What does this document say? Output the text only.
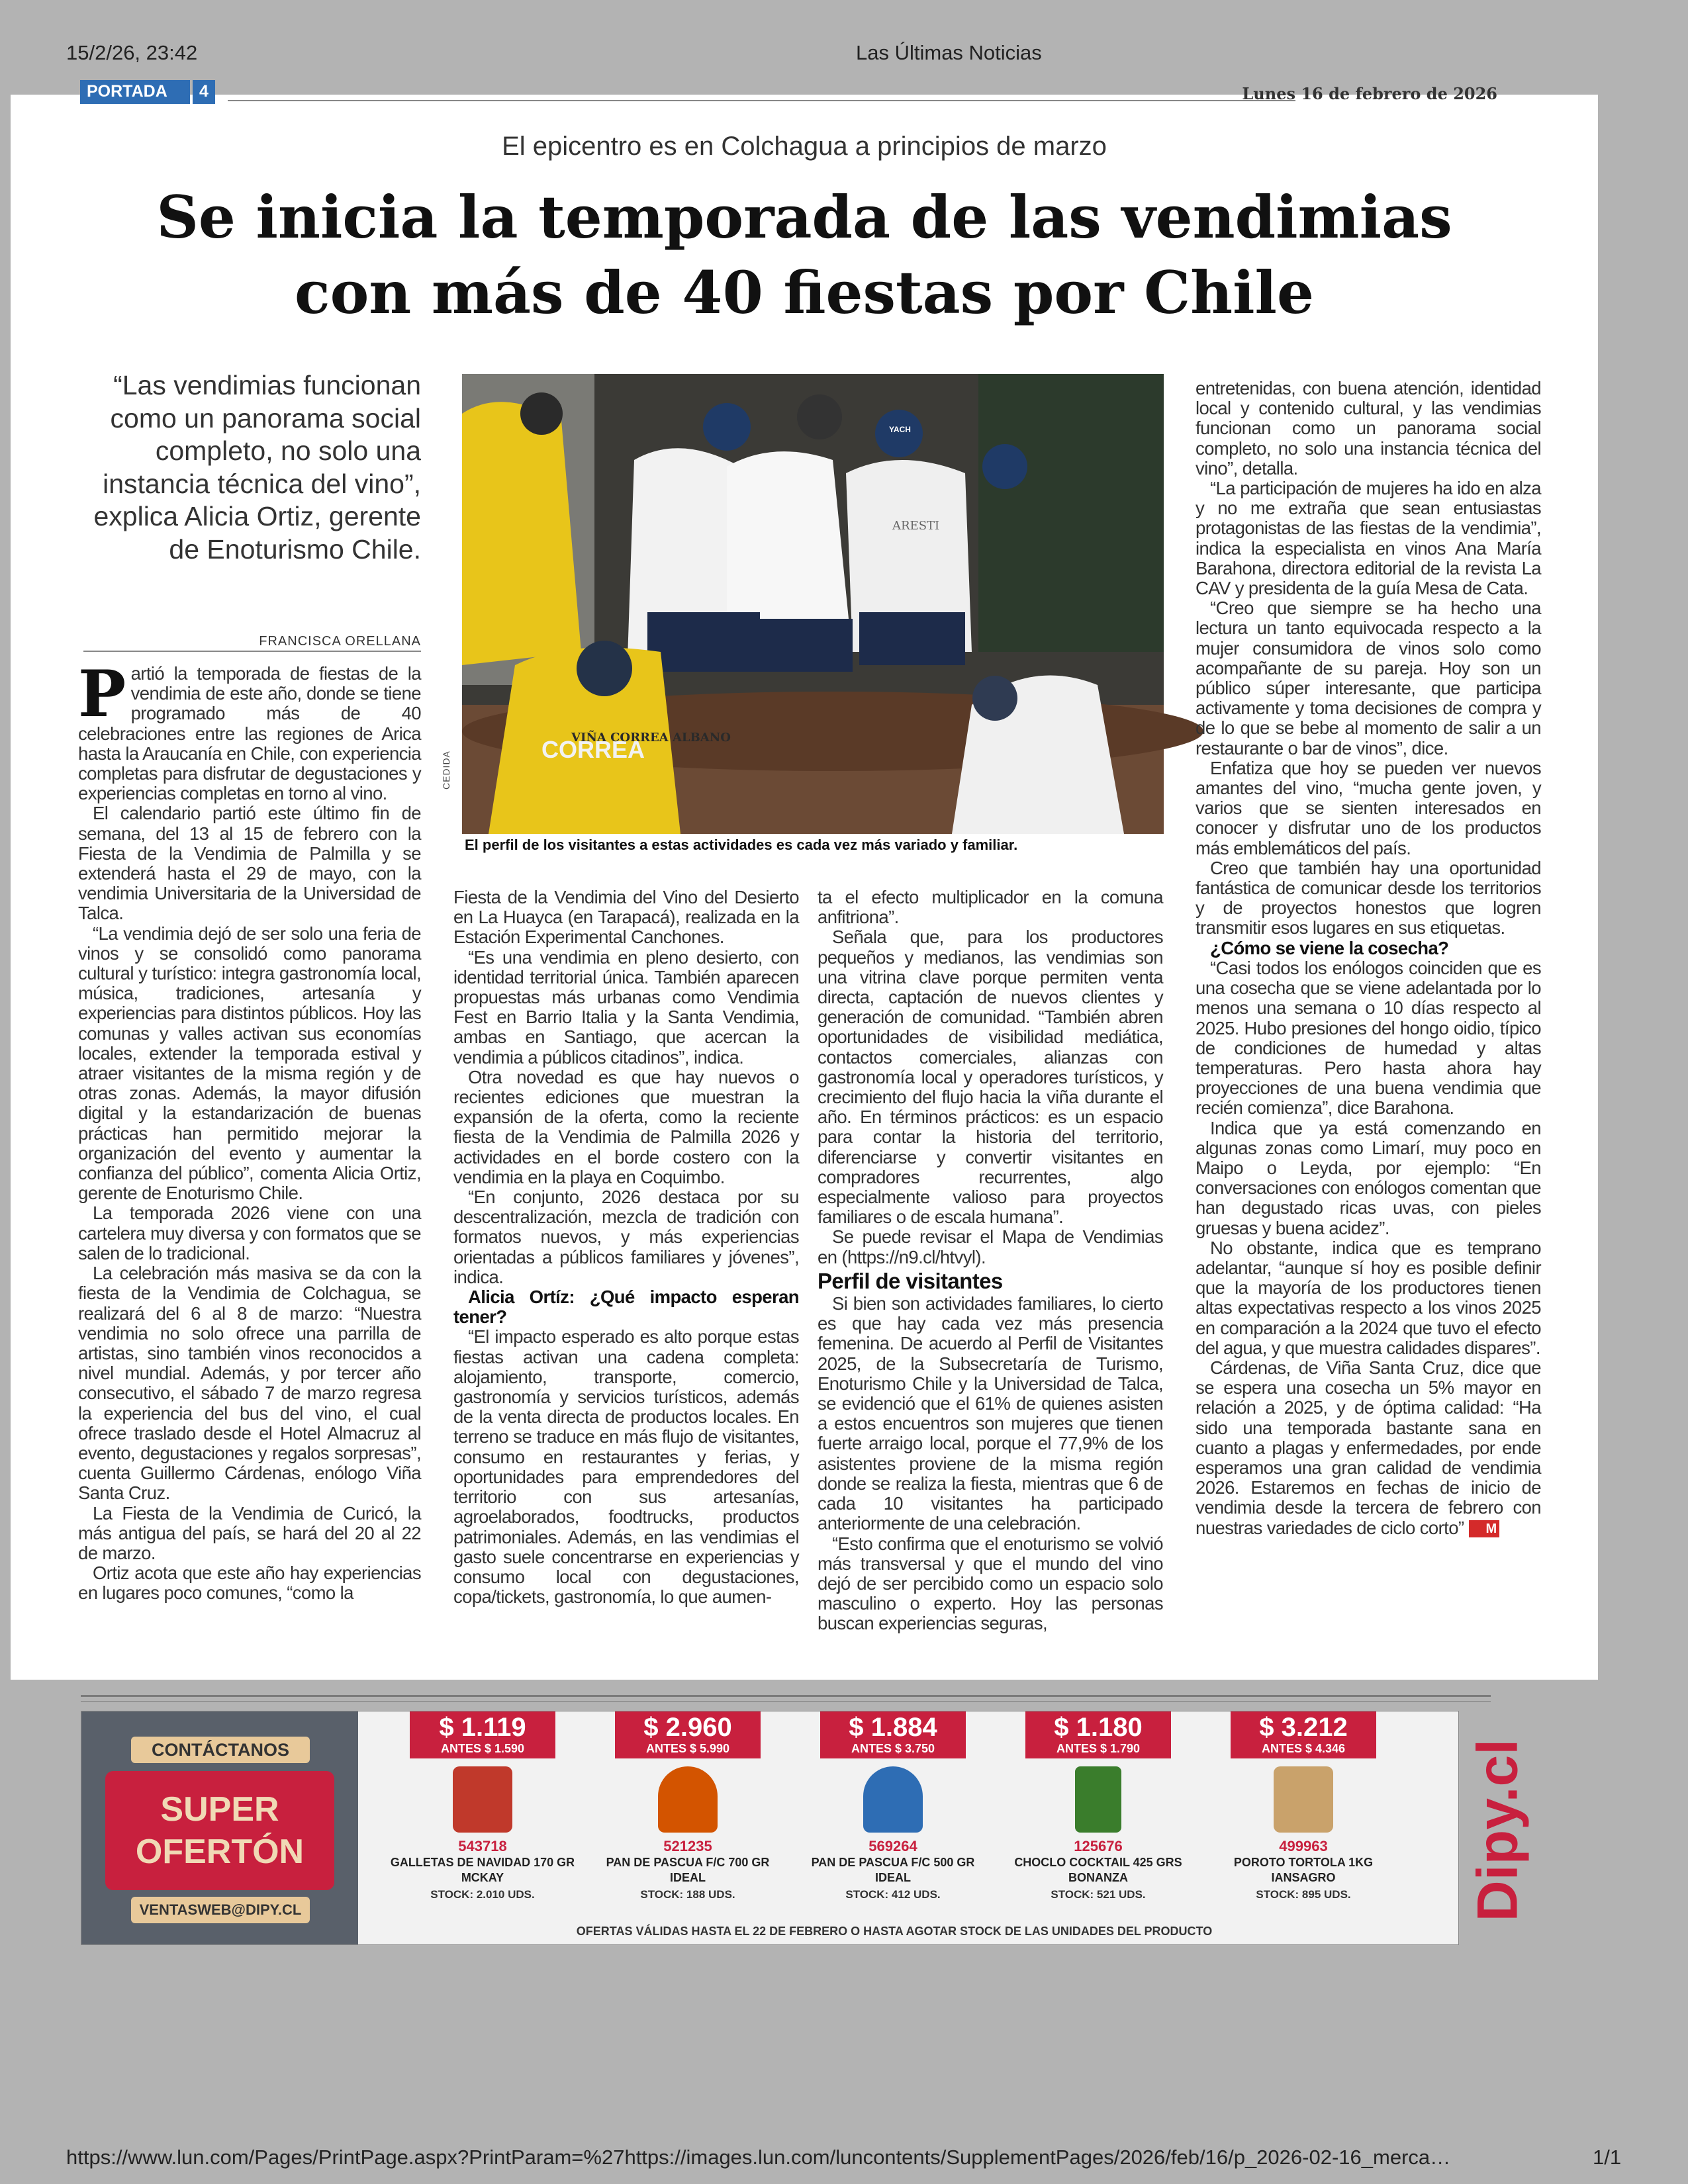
15/2/26, 23:42	Las Últimas Noticias
https://www.lun.com/Pages/PrintPage.aspx?PrintParam=%27https://images.lun.com/luncontents/SupplementPages/2026/feb/16/p_2026-02-16_merca…	1/1
PORTADA	4	Lunes 16 de febrero de 2026
El epicentro es en Colchagua a principios de marzo
Se inicia la temporada de las vendimias
con más de 40 fiestas por Chile
“Las vendimias funcionan como un panorama social completo, no solo una instancia técnica del vino”, explica Alicia Ortiz, gerente de Enoturismo Chile.
FRANCISCA ORELLANA
CORREA
VIÑA CORREA ALBANO
ARESTI
YACH
CEDIDA
El perfil de los visitantes a estas actividades es cada vez más variado y familiar.

Partió la temporada de fiestas de la vendimia de este año, donde se tiene programado más de 40 celebraciones entre las regiones de Arica hasta la Araucanía en Chile, con experiencia completas para disfrutar de degustaciones y experiencias completas en torno al vino.

El calendario partió este último fin de semana, del 13 al 15 de febrero con la Fiesta de la Vendimia de Palmilla y se extenderá hasta el 29 de mayo, con la vendimia Universitaria de la Universidad de Talca.

“La vendimia dejó de ser solo una feria de vinos y se consolidó como panorama cultural y turístico: integra gastronomía local, música, tradiciones, artesanía y experiencias para distintos públicos. Hoy las comunas y valles activan sus economías locales, extender la temporada estival y atraer visitantes de la misma región y de otras zonas. Además, la mayor difusión digital y la estandarización de buenas prácticas han permitido mejorar la organización del evento y aumentar la confianza del público”, comenta Alicia Ortiz, gerente de Enoturismo Chile.

La temporada 2026 viene con una cartelera muy diversa y con formatos que se salen de lo tradicional.

La celebración más masiva se da con la fiesta de la Vendimia de Colchagua, se realizará del 6 al 8 de marzo: “Nuestra vendimia no solo ofrece una parrilla de artistas, sino también vinos reconocidos a nivel mundial. Además, y por tercer año consecutivo, el sábado 7 de marzo regresa la experiencia del bus del vino, el cual ofrece traslado desde el Hotel Almacruz al evento, degustaciones y regalos sorpresas”, cuenta Guillermo Cárdenas, enólogo Viña Santa Cruz.

La Fiesta de la Vendimia de Curicó, la más antigua del país, se hará del 20 al 22 de marzo.

Ortiz acota que este año hay experiencias en lugares poco comunes, “como la

Fiesta de la Vendimia del Vino del Desierto en La Huayca (en Tarapacá), realizada en la Estación Experimental Canchones.

“Es una vendimia en pleno desierto, con identidad territorial única. También aparecen propuestas más urbanas como Vendimia Fest en Barrio Italia y la Santa Vendimia, ambas en Santiago, que acercan la vendimia a públicos citadinos”, indica.

Otra novedad es que hay nuevos o recientes ediciones que muestran la expansión de la oferta, como la reciente fiesta de la Vendimia de Palmilla 2026 y actividades en el borde costero con la vendimia en la playa en Coquimbo.

“En conjunto, 2026 destaca por su descentralización, mezcla de tradición con formatos nuevos, y más experiencias orientadas a públicos familiares y jóvenes”, indica.

Alicia Ortíz: ¿Qué impacto esperan tener?

“El impacto esperado es alto porque estas fiestas activan una cadena completa: alojamiento, transporte, comercio, gastronomía y servicios turísticos, además de la venta directa de productos locales. En terreno se traduce en más flujo de visitantes, consumo en restaurantes y ferias, y oportunidades para emprendedores del territorio con sus artesanías, agroelaborados, foodtrucks, productos patrimoniales. Además, en las vendimias el gasto suele concentrarse en experiencias y consumo local con degustaciones, copa/tickets, gastronomía, lo que aumen-

ta el efecto multiplicador en la comuna anfitriona”.

Señala que, para los productores pequeños y medianos, las vendimias son una vitrina clave porque permiten venta directa, captación de nuevos clientes y generación de comunidad. “También abren oportunidades de visibilidad mediática, contactos comerciales, alianzas con gastronomía local y operadores turísticos, y crecimiento del flujo hacia la viña durante el año. En términos prácticos: es un espacio para contar la historia del territorio, diferenciarse y convertir visitantes en compradores recurrentes, algo especialmente valioso para proyectos familiares o de escala humana”.

Se puede revisar el Mapa de Vendimias en (https://n9.cl/htvyl).

Perfil de visitantes

Si bien son actividades familiares, lo cierto es que hay cada vez más presencia femenina. De acuerdo al Perfil de Visitantes 2025, de la Subsecretaría de Turismo, Enoturismo Chile y la Universidad de Talca, se evidenció que el 61% de quienes asisten a estos encuentros son mujeres que tienen fuerte arraigo local, porque el 77,9% de los asistentes proviene de la misma región donde se realiza la fiesta, mientras que 6 de cada 10 visitantes ha participado anteriormente de una celebración.

“Esto confirma que el enoturismo se volvió más transversal y que el mundo del vino dejó de ser percibido como un espacio solo masculino o experto. Hoy las personas buscan experiencias seguras,

entretenidas, con buena atención, identidad local y contenido cultural, y las vendimias funcionan como un panorama social completo, no solo una instancia técnica del vino”, detalla.

“La participación de mujeres ha ido en alza y no me extraña que sean entusiastas protagonistas de las fiestas de la vendimia”, indica la especialista en vinos Ana María Barahona, directora editorial de la revista La CAV y presidenta de la guía Mesa de Cata.

“Creo que siempre se ha hecho una lectura un tanto equivocada respecto a la mujer consumidora de vinos solo como acompañante de su pareja. Hoy son un público súper interesante, que participa activamente y toma decisiones de compra y de lo que se bebe al momento de salir a un restaurante o bar de vinos”, dice.

Enfatiza que hoy se pueden ver nuevos amantes del vino, “mucha gente joven, y varios que se sienten interesados en conocer y disfrutar uno de los productos más emblemáticos del país.

Creo que también hay una oportunidad fantástica de comunicar desde los territorios y de proyectos honestos que logren transmitir esos lugares en sus etiquetas.

¿Cómo se viene la cosecha?

“Casi todos los enólogos coinciden que es una cosecha que se viene adelantada por lo menos una semana o 10 días respecto al 2025. Hubo presiones del hongo oidio, típico de condiciones de humedad y altas temperaturas. Pero hasta ahora hay proyecciones de una buena vendimia que recién comienza”, dice Barahona.

Indica que ya está comenzando en algunas zonas como Limarí, muy poco en Maipo o Leyda, por ejemplo: “En conversaciones con enólogos comentan que han degustado ricas uvas, con pieles gruesas y buena acidez”.

No obstante, indica que es temprano adelantar, “aunque sí hoy es posible definir que la mayoría de los productores tienen altas expectativas respecto a los vinos 2025 en comparación a la 2024 que tuvo el efecto del agua, y que muestra calidades dispares”.

Cárdenas, de Viña Santa Cruz, dice que se espera una cosecha un 5% mayor en relación a 2025, y de óptima calidad: “Ha sido una temporada bastante sana en cuanto a plagas y enfermedades, por ende esperamos una gran calidad de vendimia 2026. Estaremos en fechas de inicio de vendimia desde la tercera de febrero con nuestras variedades de ciclo corto” M

CONTÁCTANOS
SUPER
OFERTÓN
VENTASWEB@DIPY.CL
$ 1.119
ANTES $ 1.590
543718
GALLETAS DE NAVIDAD 170 GR
MCKAY
STOCK: 2.010 UDS.
$ 2.960
ANTES $ 5.990
521235
PAN DE PASCUA F/C 700 GR
IDEAL
STOCK: 188 UDS.
$ 1.884
ANTES $ 3.750
569264
PAN DE PASCUA F/C 500 GR
IDEAL
STOCK: 412 UDS.
$ 1.180
ANTES $ 1.790
125676
CHOCLO COCKTAIL 425 GRS
BONANZA
STOCK: 521 UDS.
$ 3.212
ANTES $ 4.346
499963
POROTO TORTOLA 1KG
IANSAGRO
STOCK: 895 UDS.	Dipy.cl
OFERTAS VÁLIDAS HASTA EL 22 DE FEBRERO O HASTA AGOTAR STOCK DE LAS UNIDADES DEL PRODUCTO
